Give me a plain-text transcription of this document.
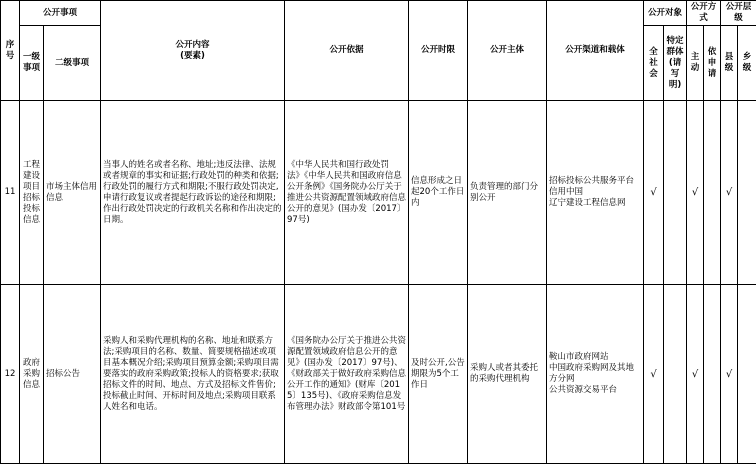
序号	公开事项		公开内容
(要素)	公开依据	公开时限	公开主体	公开渠道和载体	公开对象		公开方式		公开层级	
	一级事项	二级事项						全社会	特定群体(请写明)	主动	依申请	县级	乡级

11	工程建设项目招标投标信息	市场主体信用信息	当事人的姓名或者名称、地址;违反法律、法规或者规章的事实和证据;行政处罚的种类和依据;行政处罚的履行方式和期限;不服行政处罚决定,申请行政复议或者提起行政诉讼的途径和期限;作出行政处罚决定的行政机关名称和作出决定的日期。	《中华人民共和国行政处罚法》《中华人民共和国政府信息公开条例》《国务院办公厅关于推进公共资源配置领域政府信息公开的意见》(国办发〔2017〕97号)	信息形成之日起20个工作日内	负责管理的部门分别公开	招标投标公共服务平台
信用中国
辽宁建设工程信息网	√		√		√	
12	政府采购信息	招标公告	采购人和采购代理机构的名称、地址和联系方法;采购项目的名称、数量、简要规格描述或项目基本概况介绍;采购项目预算金额;采购项目需要落实的政府采购政策;投标人的资格要求;获取招标文件的时间、地点、方式及招标文件售价;投标截止时间、开标时间及地点;采购项目联系人姓名和电话。	《国务院办公厅关于推进公共资源配置领域政府信息公开的意见》(国办发〔2017〕97号)、《财政部关于做好政府采购信息公开工作的通知》(财库〔2015〕135号)、《政府采购信息发布管理办法》财政部令第101号	及时公开,公告期限为5个工作日	采购人或者其委托的采购代理机构	鞍山市政府网站
中国政府采购网及其地方分网
公共资源交易平台	√		√		√	
